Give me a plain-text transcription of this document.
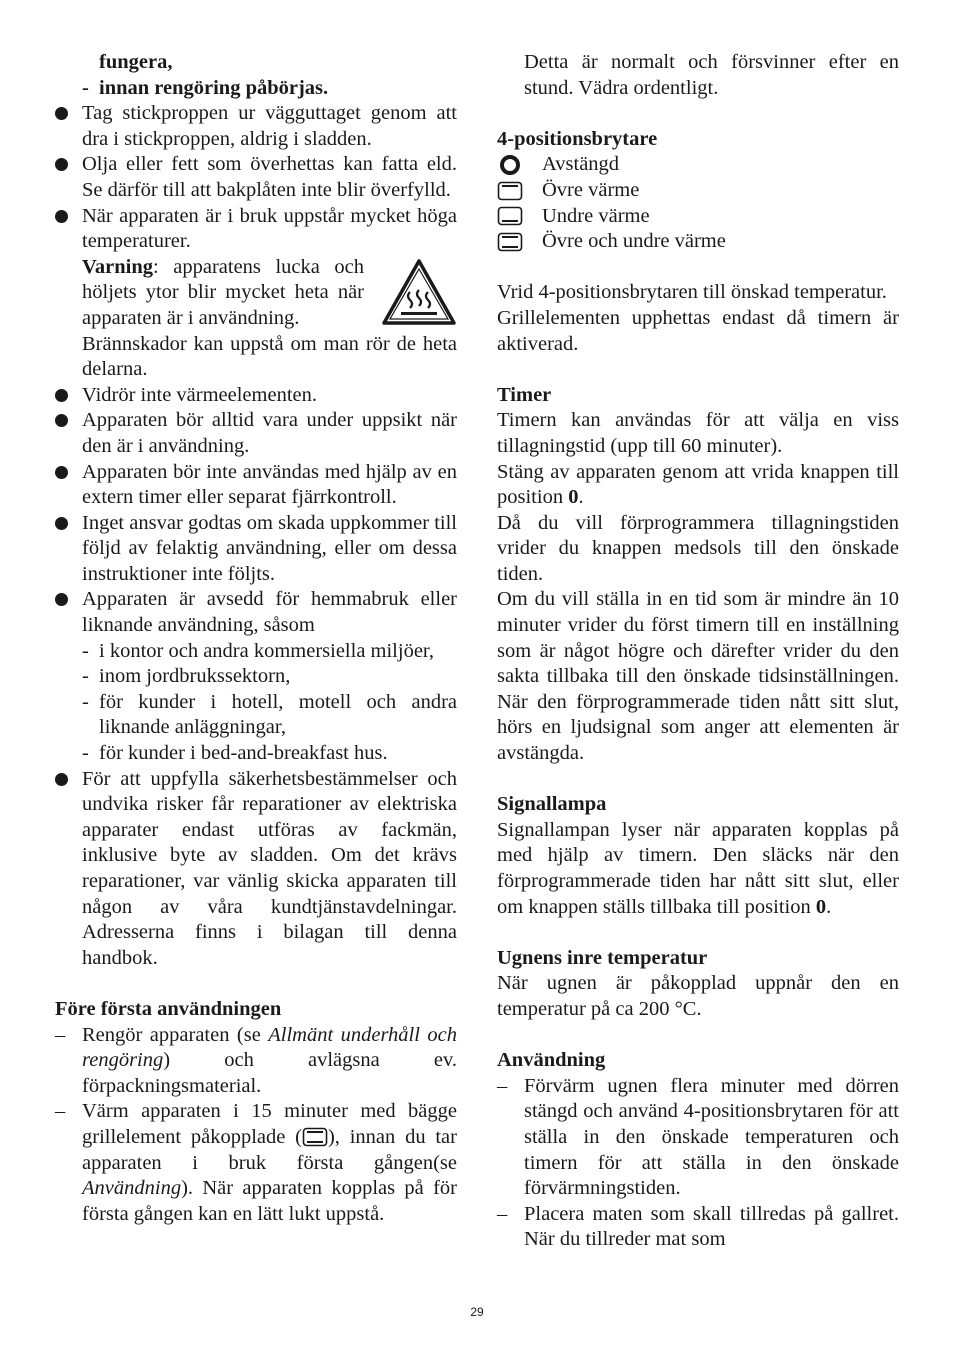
fungera,

- innan rengöring påbörjas.

Tag stickproppen ur vägguttaget genom att dra i stickproppen, aldrig i sladden.
Olja eller fett som överhettas kan fatta eld. Se därför till att bakplåten inte blir överfylld.
När apparaten är i bruk uppstår mycket höga temperaturer.

Varning: apparatens lucka och höljets ytor blir mycket heta när apparaten är i användning.

Brännskador kan uppstå om man rör de heta delarna.

Vidrör inte värmeelementen.
Apparaten bör alltid vara under uppsikt när den är i användning.
Apparaten bör inte användas med hjälp av en extern timer eller separat fjärrkontroll.
Inget ansvar godtas om skada uppkommer till följd av felaktig användning, eller om dessa instruktioner inte följts.
Apparaten är avsedd för hemmabruk eller liknande användning, såsom
- i kontor och andra kommersiella miljöer,
- inom jordbrukssektorn,
- för kunder i hotell, motell och andra liknande anläggningar,
- för kunder i bed-and-breakfast hus.
För att uppfylla säkerhetsbestämmelser och undvika risker får reparationer av elektriska apparater endast utföras av fackmän, inklusive byte av sladden. Om det krävs reparationer, var vänlig skicka apparaten till någon av våra kundtjänstavdelningar. Adresserna finns i bilagan till denna handbok.

Före första användningen

– Rengör apparaten (se Allmänt underhåll och rengöring) och avlägsna ev. förpackningsmaterial.
– Värm apparaten i 15 minuter med bägge grillelement påkopplade ( ), innan du tar apparaten i bruk första gången(se Användning). När apparaten kopplas på för första gången kan en lätt lukt uppstå.

Detta är normalt och försvinner efter en stund. Vädra ordentligt.

4-positionsbrytare

Avstängd
Övre värme
Undre värme
Övre och undre värme

Vrid 4-positionsbrytaren till önskad temperatur.

Grillelementen upphettas endast då timern är aktiverad.

Timer

Timern kan användas för att välja en viss tillagningstid (upp till 60 minuter).

Stäng av apparaten genom att vrida knappen till position 0.

Då du vill förprogrammera tillagningstiden vrider du knappen medsols till den önskade tiden.

Om du vill ställa in en tid som är mindre än 10 minuter vrider du först timern till en inställning som är något högre och därefter vrider du den sakta tillbaka till den önskade tidsinställningen. När den förprogrammerade tiden nått sitt slut, hörs en ljudsignal som anger att elementen är avstängda.

Signallampa

Signallampan lyser när apparaten kopplas på med hjälp av timern. Den släcks när den förprogrammerade tiden har nått sitt slut, eller om knappen ställs tillbaka till position 0.

Ugnens inre temperatur

När ugnen är påkopplad uppnår den en temperatur på ca 200 °C.

Användning

– Förvärm ugnen flera minuter med dörren stängd och använd 4-positionsbrytaren för att ställa in den önskade temperaturen och timern för att ställa in den önskade förvärmningstiden.
– Placera maten som skall tillredas på gallret. När du tillreder mat som
29
